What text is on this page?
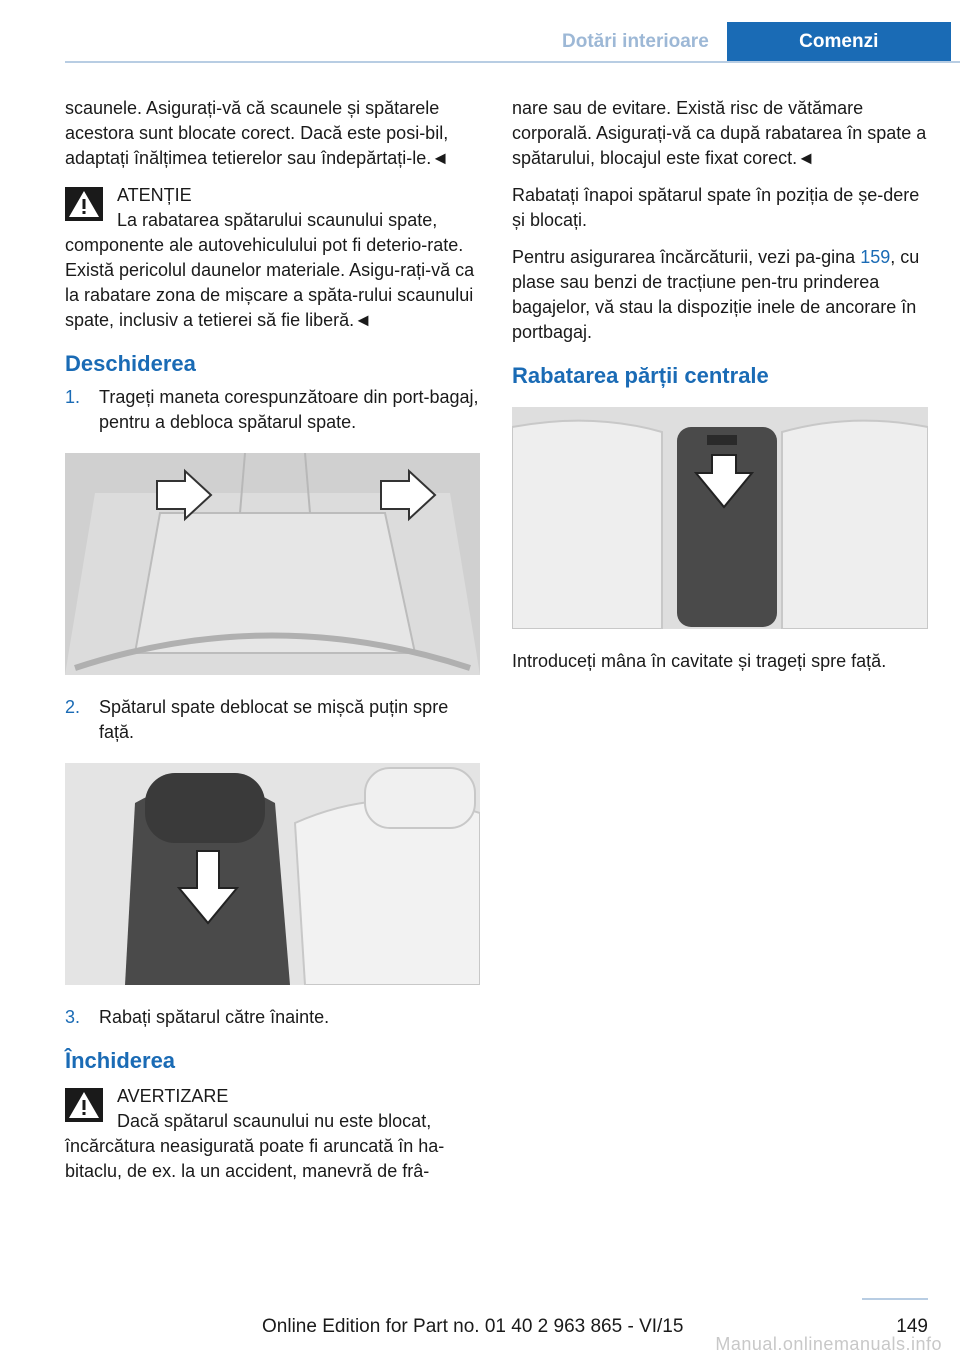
Dotări interioare	Comenzi

scaunele. Asigurați-vă că scaunele și spătarele acestora sunt blocate corect. Dacă este posi-bil, adaptați înălțimea tetierelor sau îndepărtați-le.◄

ATENȚIE
La rabatarea spătarului scaunului spate,

componente ale autovehiculului pot fi deterio-rate. Există pericolul daunelor materiale. Asigu-rați-vă ca la rabatare zona de mișcare a spăta-rului scaunului spate, inclusiv a tetierei să fie liberă.◄

Deschiderea
1. Trageți maneta corespunzătoare din port-bagaj, pentru a debloca spătarul spate.
2. Spătarul spate deblocat se mișcă puțin spre față.
3. Rabați spătarul către înainte.
Închiderea
AVERTIZARE
Dacă spătarul scaunului nu este blocat,

încărcătura neasigurată poate fi aruncată în ha-bitaclu, de ex. la un accident, manevră de frâ-

nare sau de evitare. Există risc de vătămare corporală. Asigurați-vă ca după rabatarea în spate a spătarului, blocajul este fixat corect.◄

Rabatați înapoi spătarul spate în poziția de șe-dere și blocați.

Pentru asigurarea încărcăturii, vezi pa-gina 159, cu plase sau benzi de tracțiune pen-tru prinderea bagajelor, vă stau la dispoziție inele de ancorare în portbagaj.

Rabatarea părții centrale

Introduceți mâna în cavitate și trageți spre față.

149
Online Edition for Part no. 01 40 2 963 865 - VI/15
Manual.onlinemanuals.info
